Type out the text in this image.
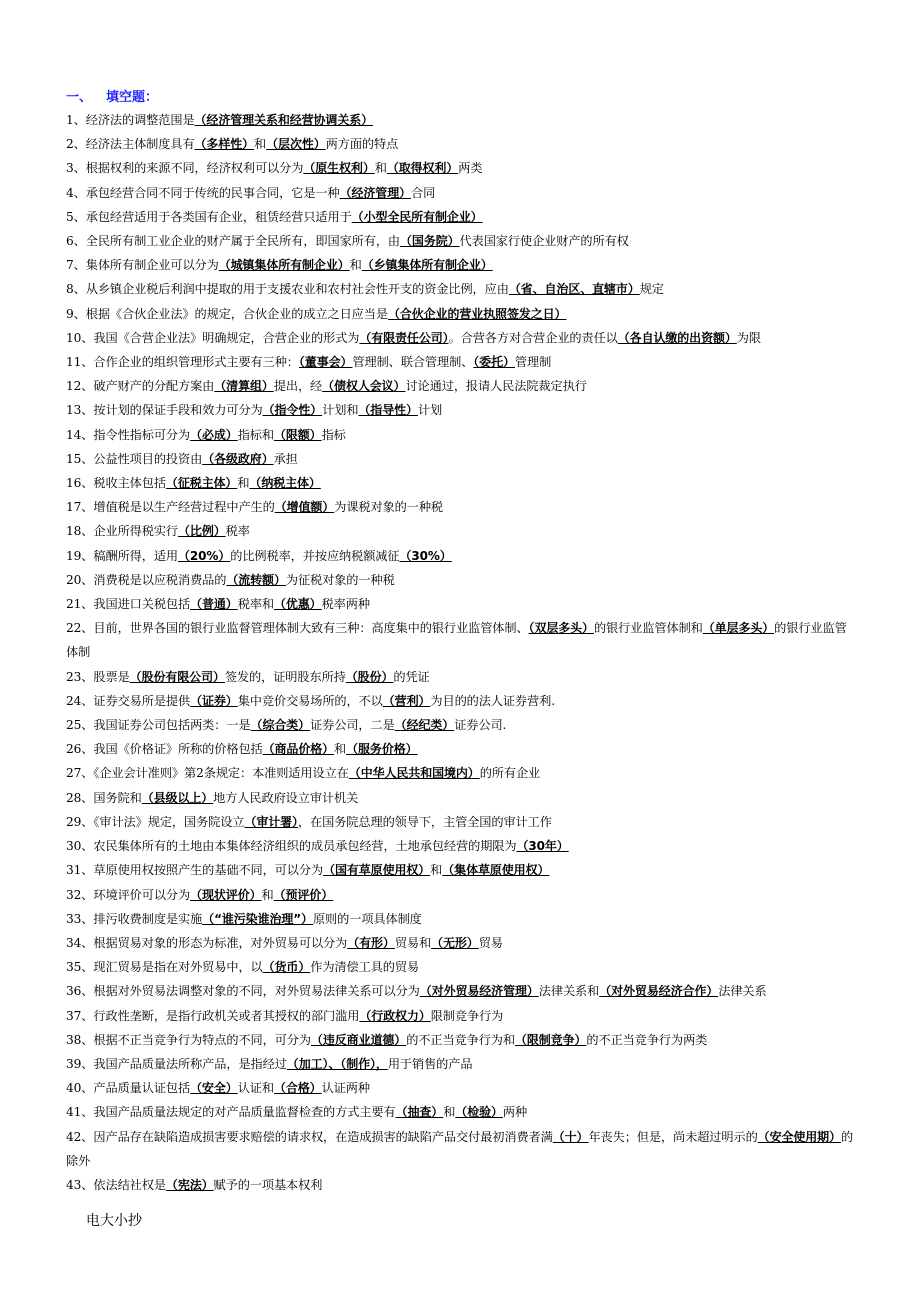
一、 填空题：
1、经济法的调整范围是（经济管理关系和经营协调关系）
2、经济法主体制度具有（多样性）和（层次性）两方面的特点
3、根据权利的来源不同，经济权利可以分为（原生权利）和（取得权利）两类
4、承包经营合同不同于传统的民事合同，它是一种（经济管理）合同
5、承包经营适用于各类国有企业，租赁经营只适用于（小型全民所有制企业）
6、全民所有制工业企业的财产属于全民所有，即国家所有，由（国务院）代表国家行使企业财产的所有权
7、集体所有制企业可以分为（城镇集体所有制企业）和（乡镇集体所有制企业）
8、从乡镇企业税后利润中提取的用于支援农业和农村社会性开支的资金比例，应由（省、自治区、直辖市）规定
9、根据《合伙企业法》的规定，合伙企业的成立之日应当是（合伙企业的营业执照签发之日）
10、我国《合营企业法》明确规定，合营企业的形式为（有限责任公司）。合营各方对合营企业的责任以（各自认缴的出资额）为限
11、合作企业的组织管理形式主要有三种：（董事会）管理制、联合管理制、（委托）管理制
12、破产财产的分配方案由（清算组）提出，经（债权人会议）讨论通过，报请人民法院裁定执行
13、按计划的保证手段和效力可分为（指令性）计划和（指导性）计划
14、指令性指标可分为（必成）指标和（限额）指标
15、公益性项目的投资由（各级政府）承担
16、税收主体包括（征税主体）和（纳税主体）
17、增值税是以生产经营过程中产生的（增值额）为课税对象的一种税
18、企业所得税实行（比例）税率
19、稿酬所得，适用（20%）的比例税率，并按应纳税额减征（30%）
20、消费税是以应税消费品的（流转额）为征税对象的一种税
21、我国进口关税包括（普通）税率和（优惠）税率两种
22、目前，世界各国的银行业监督管理体制大致有三种：高度集中的银行业监管体制、（双层多头）的银行业监管体制和（单层多头）的银行业监管体制
23、股票是（股份有限公司）签发的，证明股东所持（股份）的凭证
24、证券交易所是提供（证券）集中竞价交易场所的，不以（营利）为目的的法人证券营利.
25、我国证券公司包括两类：一是（综合类）证券公司，二是（经纪类）证券公司.
26、我国《价格证》所称的价格包括（商品价格）和（服务价格）
27、《企业会计准则》第2条规定：本准则适用设立在（中华人民共和国境内）的所有企业
28、国务院和（县级以上）地方人民政府设立审计机关
29、《审计法》规定，国务院设立（审计署），在国务院总理的领导下，主管全国的审计工作
30、农民集体所有的土地由本集体经济组织的成员承包经营，土地承包经营的期限为（30年）
31、草原使用权按照产生的基础不同，可以分为（国有草原使用权）和（集体草原使用权）
32、环境评价可以分为（现状评价）和（预评价）
33、排污收费制度是实施（“谁污染谁治理”）原则的一项具体制度
34、根据贸易对象的形态为标准，对外贸易可以分为（有形）贸易和（无形）贸易
35、现汇贸易是指在对外贸易中，以（货币）作为清偿工具的贸易
36、根据对外贸易法调整对象的不同，对外贸易法律关系可以分为（对外贸易经济管理）法律关系和（对外贸易经济合作）法律关系
37、行政性垄断，是指行政机关或者其授权的部门滥用（行政权力）限制竞争行为
38、根据不正当竞争行为特点的不同，可分为（违反商业道德）的不正当竞争行为和（限制竞争）的不正当竞争行为两类
39、我国产品质量法所称产品，是指经过（加工）、（制作），用于销售的产品
40、产品质量认证包括（安全）认证和（合格）认证两种
41、我国产品质量法规定的对产品质量监督检查的方式主要有（抽查）和（检验）两种
42、因产品存在缺陷造成损害要求赔偿的请求权，在造成损害的缺陷产品交付最初消费者满（十）年丧失；但是，尚未超过明示的（安全使用期）的除外
43、依法结社权是（宪法）赋予的一项基本权利
电大小抄
